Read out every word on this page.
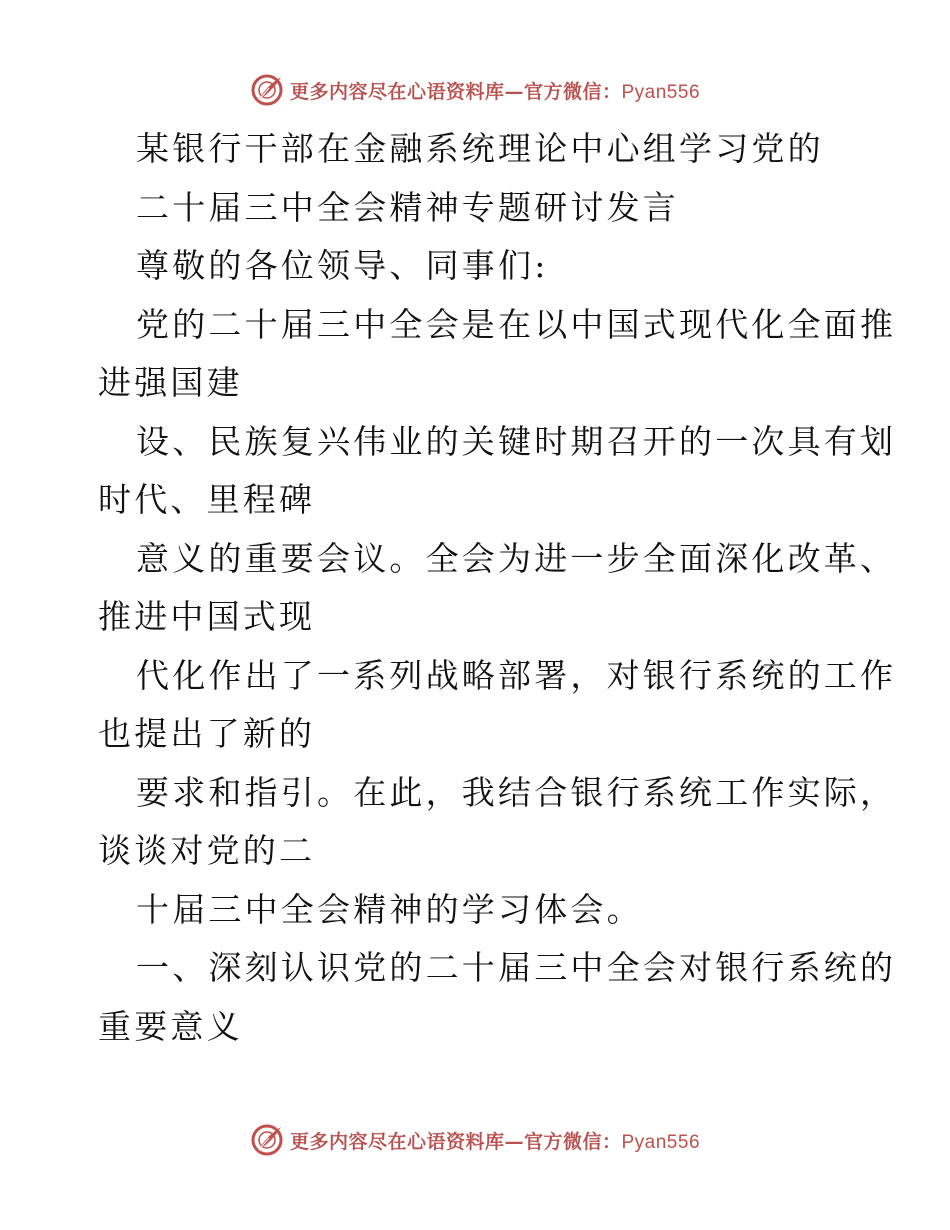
更多内容尽在心语资料库—官方微信：Pyan556
某银行干部在金融系统理论中心组学习党的
二十届三中全会精神专题研讨发言
尊敬的各位领导、同事们:
党的二十届三中全会是在以中国式现代化全面推
进强国建
设、民族复兴伟业的关键时期召开的一次具有划
时代、里程碑
意义的重要会议。全会为进一步全面深化改革、
推进中国式现
代化作出了一系列战略部署，对银行系统的工作
也提出了新的
要求和指引。在此，我结合银行系统工作实际，
谈谈对党的二
十届三中全会精神的学习体会。
一、深刻认识党的二十届三中全会对银行系统的
重要意义
更多内容尽在心语资料库—官方微信：Pyan556
